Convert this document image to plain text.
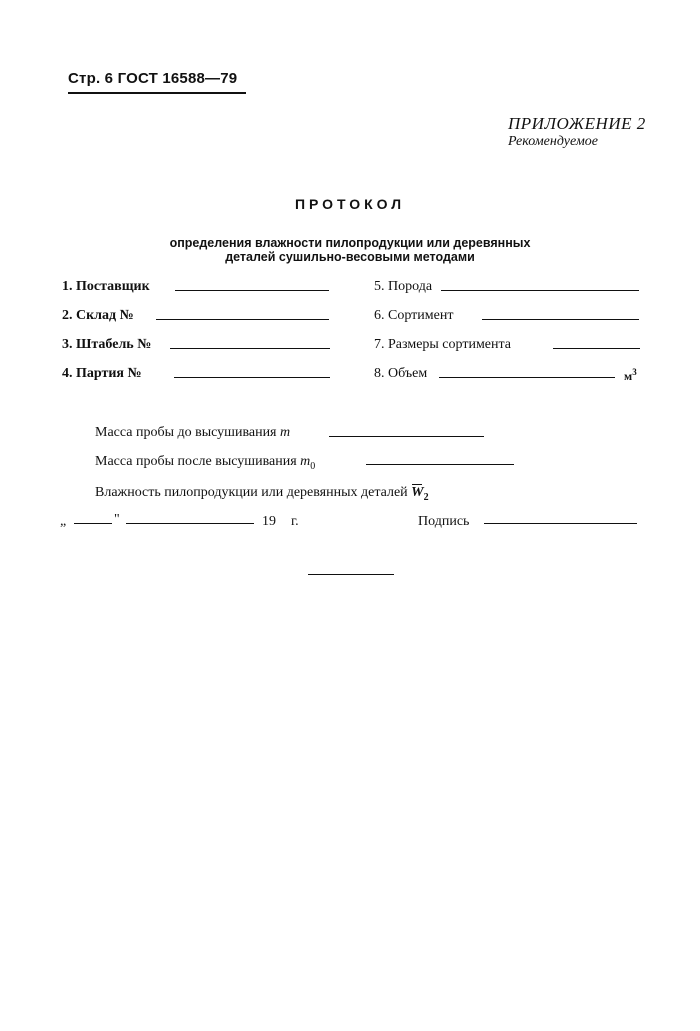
Стр. 6 ГОСТ 16588—79
ПРИЛОЖЕНИЕ 2
Рекомендуемое
ПРОТОКОЛ
определения влажности пилопродукции или деревянных
деталей сушильно-весовыми методами
1. Поставщик
2. Склад №
3. Штабель №
4. Партия №
5. Порода
6. Сортимент
7. Размеры сортимента
8. Объем	$м^3$
Масса пробы до высушивания m
Масса пробы после высушивания $m_0$
Влажность пилопродукции или деревянных деталей $W_2$
„	"	19 г.	Подпись
